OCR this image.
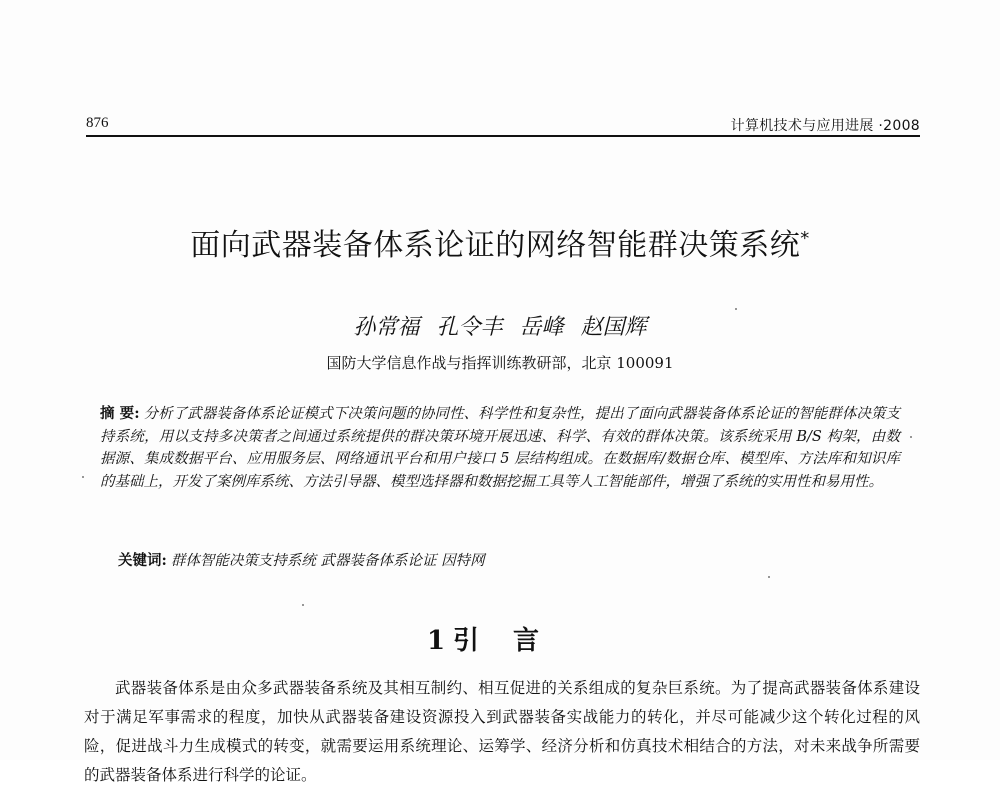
876	计算机技术与应用进展 ·2008
面向武器装备体系论证的网络智能群决策系统*
孙常福 孔令丰 岳峰 赵国辉
国防大学信息作战与指挥训练教研部，北京 100091
摘 要: 分析了武器装备体系论证模式下决策问题的协同性、科学性和复杂性，提出了面向武器装备体系论证的智能群体决策支持系统，用以支持多决策者之间通过系统提供的群决策环境开展迅速、科学、有效的群体决策。该系统采用 B/S 构架，由数据源、集成数据平台、应用服务层、网络通讯平台和用户接口 5 层结构组成。在数据库/数据仓库、模型库、方法库和知识库的基础上，开发了案例库系统、方法引导器、模型选择器和数据挖掘工具等人工智能部件，增强了系统的实用性和易用性。
关键词: 群体智能决策支持系统 武器装备体系论证 因特网
1 引言

武器装备体系是由众多武器装备系统及其相互制约、相互促进的关系组成的复杂巨系统。为了提高武器装备体系建设对于满足军事需求的程度，加快从武器装备建设资源投入到武器装备实战能力的转化，并尽可能减少这个转化过程的风险，促进战斗力生成模式的转变，就需要运用系统理论、运筹学、经济分析和仿真技术相结合的方法，对未来战争所需要的武器装备体系进行科学的论证。
